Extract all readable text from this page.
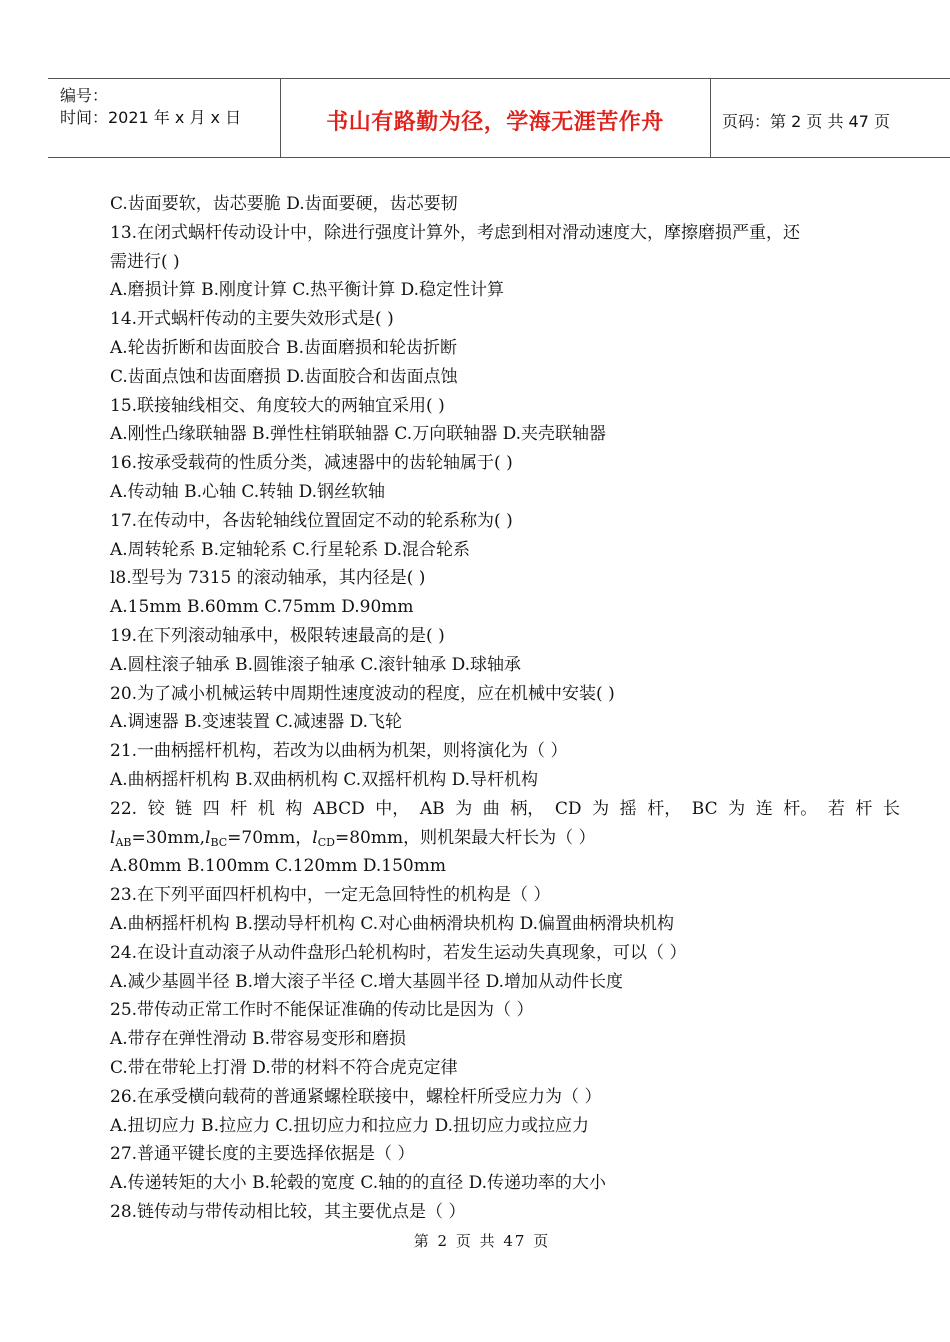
编号：
时间：2021 年 x 月 x 日	书山有路勤为径，学海无涯苦作舟	页码：第 2 页 共 47 页
C.齿面要软，齿芯要脆 D.齿面要硬，齿芯要韧
13.在闭式蜗杆传动设计中，除进行强度计算外，考虑到相对滑动速度大，摩擦磨损严重，还
需进行( )
A.磨损计算 B.刚度计算 C.热平衡计算 D.稳定性计算
14.开式蜗杆传动的主要失效形式是( )
A.轮齿折断和齿面胶合 B.齿面磨损和轮齿折断
C.齿面点蚀和齿面磨损 D.齿面胶合和齿面点蚀
15.联接轴线相交、角度较大的两轴宜采用( )
A.刚性凸缘联轴器 B.弹性柱销联轴器 C.万向联轴器 D.夹壳联轴器
16.按承受载荷的性质分类，减速器中的齿轮轴属于( )
A.传动轴 B.心轴 C.转轴 D.钢丝软轴
17.在传动中，各齿轮轴线位置固定不动的轮系称为( )
A.周转轮系 B.定轴轮系 C.行星轮系 D.混合轮系
l8.型号为 7315 的滚动轴承，其内径是( )
A.15mm B.60mm C.75mm D.90mm
19.在下列滚动轴承中，极限转速最高的是( )
A.圆柱滚子轴承 B.圆锥滚子轴承 C.滚针轴承 D.球轴承
20.为了减小机械运转中周期性速度波动的程度，应在机械中安装( )
A.调速器 B.变速装置 C.减速器 D.飞轮
21.一曲柄摇杆机构，若改为以曲柄为机架，则将演化为（ ）
A.曲柄摇杆机构 B.双曲柄机构 C.双摇杆机构 D.导杆机构
22. 铰 链 四 杆 机 构 ABCD 中， AB 为 曲 柄， CD 为 摇 杆， BC 为 连 杆。 若 杆 长
$l_{AB}=30mm,l_{BC}=70mm$，$l_{CD}=80mm$，则机架最大杆长为（ ）
A.80mm B.100mm C.120mm D.150mm
23.在下列平面四杆机构中，一定无急回特性的机构是（ ）
A.曲柄摇杆机构 B.摆动导杆机构 C.对心曲柄滑块机构 D.偏置曲柄滑块机构
24.在设计直动滚子从动件盘形凸轮机构时，若发生运动失真现象，可以（ ）
A.减少基圆半径 B.增大滚子半径 C.增大基圆半径 D.增加从动件长度
25.带传动正常工作时不能保证准确的传动比是因为（ ）
A.带存在弹性滑动 B.带容易变形和磨损
C.带在带轮上打滑 D.带的材料不符合虎克定律
26.在承受横向载荷的普通紧螺栓联接中，螺栓杆所受应力为（ ）
A.扭切应力 B.拉应力 C.扭切应力和拉应力 D.扭切应力或拉应力
27.普通平键长度的主要选择依据是（ ）
A.传递转矩的大小 B.轮毂的宽度 C.轴的的直径 D.传递功率的大小
28.链传动与带传动相比较，其主要优点是（ ）
第 2 页 共 47 页
